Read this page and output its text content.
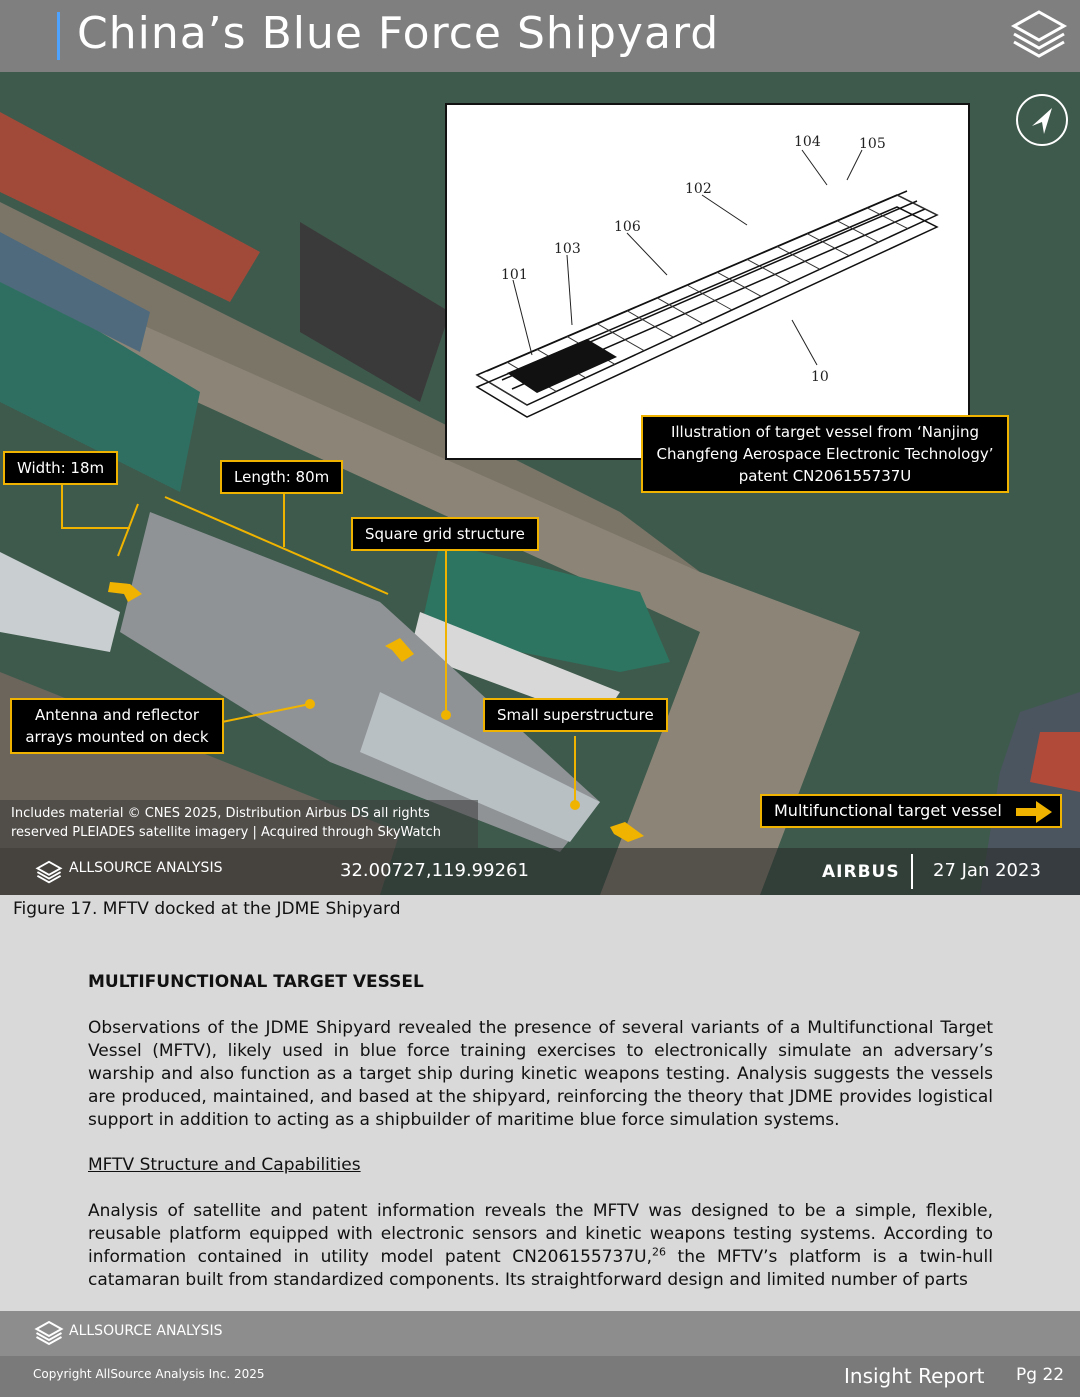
China’s Blue Force Shipyard
104	105
102
106
103
101
10
Illustration of target vessel from ‘Nanjing Changfeng Aerospace Electronic Technology’ patent CN206155737U
Width: 18m	Length: 80m
Square grid structure
Antenna and reflector arrays mounted on deck
Small superstructure
Multifunctional target vessel
Includes material © CNES 2025, Distribution Airbus DS all rights reserved PLEIADES satellite imagery | Acquired through SkyWatch
ALLSOURCE ANALYSIS	32.00727,119.99261	AIRBUS 27 Jan 2023
Figure 17. MFTV docked at the JDME Shipyard
MULTIFUNCTIONAL TARGET VESSEL
Observations of the JDME Shipyard revealed the presence of several variants of a Multifunctional Target Vessel (MFTV), likely used in blue force training exercises to electronically simulate an adversary’s warship and also function as a target ship during kinetic weapons testing. Analysis suggests the vessels are produced, maintained, and based at the shipyard, reinforcing the theory that JDME provides logistical support in addition to acting as a shipbuilder of maritime blue force simulation systems.
MFTV Structure and Capabilities
Analysis of satellite and patent information reveals the MFTV was designed to be a simple, flexible, reusable platform equipped with electronic sensors and kinetic weapons testing systems. According to information contained in utility model patent CN206155737U,$^{26}$ the MFTV’s platform is a twin-hull catamaran built from standardized components. Its straightforward design and limited number of parts
ALLSOURCE ANALYSIS
Copyright AllSource Analysis Inc. 2025	Insight Report Pg 22
